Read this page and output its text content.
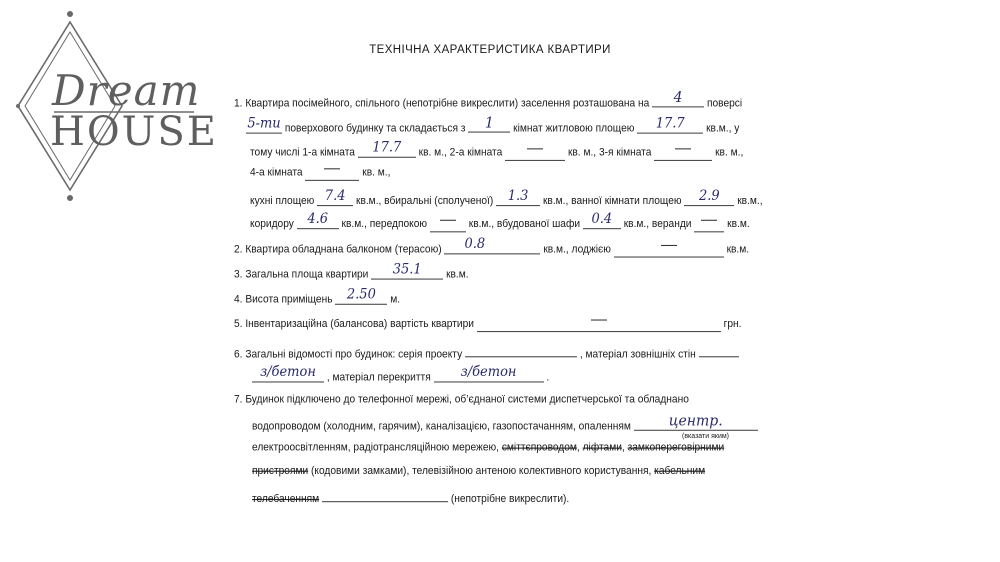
Dream
HOUSE
ТЕХНІЧНА ХАРАКТЕРИСТИКА КВАРТИРИ
1. Квартира посімейного, спільного (непотрібне викреслити) заселення розташована на 4 поверсі
5-ти поверхового будинку та складається з 1 кімнат житловою площею 17.7 кв.м., у
тому числі 1-а кімната 17.7 кв. м., 2-а кімната	кв. м., 3-я кімната	кв. м.,
4-а кімната	кв. м.,
кухні площею 7.4 кв.м., вбиральні (сполученої) 1.3 кв.м., ванної кімнати площею 2.9 кв.м.,
коридору 4.6 кв.м., передпокою	кв.м., вбудованої шафи 0.4 кв.м., веранди	кв.м.
2. Квартира обладнана балконом (терасою) 0.8	кв.м., лоджією	кв.м.
3. Загальна площа квартири 35.1 кв.м.
4. Висота приміщень 2.50 м.
5. Інвентаризаційна (балансова) вартість квартири	грн.
6. Загальні відомості про будинок: серія проекту	, матеріал зовнішніх стін
з/бетон , матеріал перекриття з/бетон	.
7. Будинок підключено до телефонної мережі, об’єднаної системи диспетчерської та обладнано
водопроводом (холодним, гарячим), каналізацією, газопостачанням, опаленням	центр.
(вказати яким)
електроосвітленням, радіотрансляційною мережею, сміттєпроводом, ліфтами, замкопереговірними
пристроями (кодовими замками), телевізійною антеною колективного користування, кабельним
телебаченням	(непотрібне викреслити).
